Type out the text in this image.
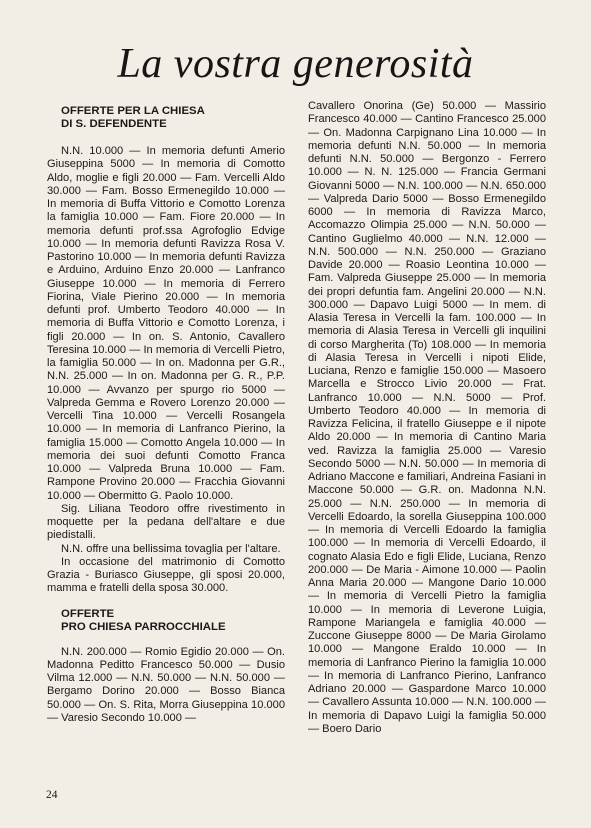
La vostra generosità

OFFERTE PER LA CHIESA
DI S. DEFENDENTE

N.N. 10.000 — In memoria defunti Amerio Giuseppina 5000 — In memoria di Comotto Aldo, moglie e figli 20.000 — Fam. Vercelli Aldo 30.000 — Fam. Bosso Ermenegildo 10.000 — In memoria di Buffa Vittorio e Comotto Lorenza la famiglia 10.000 — Fam. Fiore 20.000 — In memoria defunti prof.ssa Agrofoglio Edvige 10.000 — In memoria defunti Ravizza Rosa V. Pastorino 10.000 — In memoria defunti Ravizza e Arduino, Arduino Enzo 20.000 — Lanfranco Giuseppe 10.000 — In memoria di Ferrero Fiorina, Viale Pierino 20.000 — In memoria defunti prof. Umberto Teodoro 40.000 — In memoria di Buffa Vittorio e Comotto Lorenza, i figli 20.000 — In on. S. Antonio, Cavallero Teresina 10.000 — In memoria di Vercelli Pietro, la famiglia 50.000 — In on. Madonna per G.R., N.N. 25.000 — In on. Madonna per G. R., P.P. 10.000 — Avvanzo per spurgo rio 5000 — Valpreda Gemma e Rovero Lorenzo 20.000 — Vercelli Tina 10.000 — Vercelli Rosangela 10.000 — In memoria di Lanfranco Pierino, la famiglia 15.000 — Comotto Angela 10.000 — In memoria dei suoi defunti Comotto Franca 10.000 — Valpreda Bruna 10.000 — Fam. Rampone Provino 20.000 — Fracchia Giovanni 10.000 — Obermitto G. Paolo 10.000.

Sig. Liliana Teodoro offre rivestimento in moquette per la pedana dell'altare e due piedistalli.

N.N. offre una bellissima tovaglia per l'altare.

In occasione del matrimonio di Comotto Grazia - Buriasco Giuseppe, gli sposi 20.000, mamma e fratelli della sposa 30.000.

OFFERTE
PRO CHIESA PARROCCHIALE

N.N. 200.000 — Romio Egidio 20.000 — On. Madonna Peditto Francesco 50.000 — Dusio Vilma 12.000 — N.N. 50.000 — N.N. 50.000 — Bergamo Dorino 20.000 — Bosso Bianca 50.000 — On. S. Rita, Morra Giuseppina 10.000 — Varesio Secondo 10.000 —

Cavallero Onorina (Ge) 50.000 — Massirio Francesco 40.000 — Cantino Francesco 25.000 — On. Madonna Carpignano Lina 10.000 — In memoria defunti N.N. 50.000 — In memoria defunti N.N. 50.000 — Bergonzo - Ferrero 10.000 — N. N. 125.000 — Francia Germani Giovanni 5000 — N.N. 100.000 — N.N. 650.000 — Valpreda Dario 5000 — Bosso Ermenegildo 6000 — In memoria di Ravizza Marco, Accomazzo Olimpia 25.000 — N.N. 50.000 — Cantino Guglielmo 40.000 — N.N. 12.000 — N.N. 500.000 — N.N. 250.000 — Graziano Davide 20.000 — Roasio Leontina 10.000 — Fam. Valpreda Giuseppe 25.000 — In memoria dei propri defuntia fam. Angelini 20.000 — N.N. 300.000 — Dapavo Luigi 5000 — In mem. di Alasia Teresa in Vercelli la fam. 100.000 — In memoria di Alasia Teresa in Vercelli gli inquilini di corso Margherita (To) 108.000 — In memoria di Alasia Teresa in Vercelli i nipoti Elide, Luciana, Renzo e famiglie 150.000 — Masoero Marcella e Strocco Livio 20.000 — Frat. Lanfranco 10.000 — N.N. 5000 — Prof. Umberto Teodoro 40.000 — In memoria di Ravizza Felicina, il fratello Giuseppe e il nipote Aldo 20.000 — In memoria di Cantino Maria ved. Ravizza la famiglia 25.000 — Varesio Secondo 5000 — N.N. 50.000 — In memoria di Adriano Maccone e familiari, Andreina Fasiani in Maccone 50.000 — G.R. on. Madonna N.N. 25.000 — N.N. 250.000 — In memoria di Vercelli Edoardo, la sorella Giuseppina 100.000 — In memoria di Vercelli Edoardo la famiglia 100.000 — In memoria di Vercelli Edoardo, il cognato Alasia Edo e figli Elide, Luciana, Renzo 200.000 — De Maria - Aimone 10.000 — Paolin Anna Maria 20.000 — Mangone Dario 10.000 — In memoria di Vercelli Pietro la famiglia 10.000 — In memoria di Leverone Luigia, Rampone Mariangela e famiglia 40.000 — Zuccone Giuseppe 8000 — De Maria Girolamo 10.000 — Mangone Eraldo 10.000 — In memoria di Lanfranco Pierino la famiglia 10.000 — In memoria di Lanfranco Pierino, Lanfranco Adriano 20.000 — Gaspardone Marco 10.000 — Cavallero Assunta 10.000 — N.N. 100.000 — In memoria di Dapavo Luigi la famiglia 50.000 — Boero Dario

24
